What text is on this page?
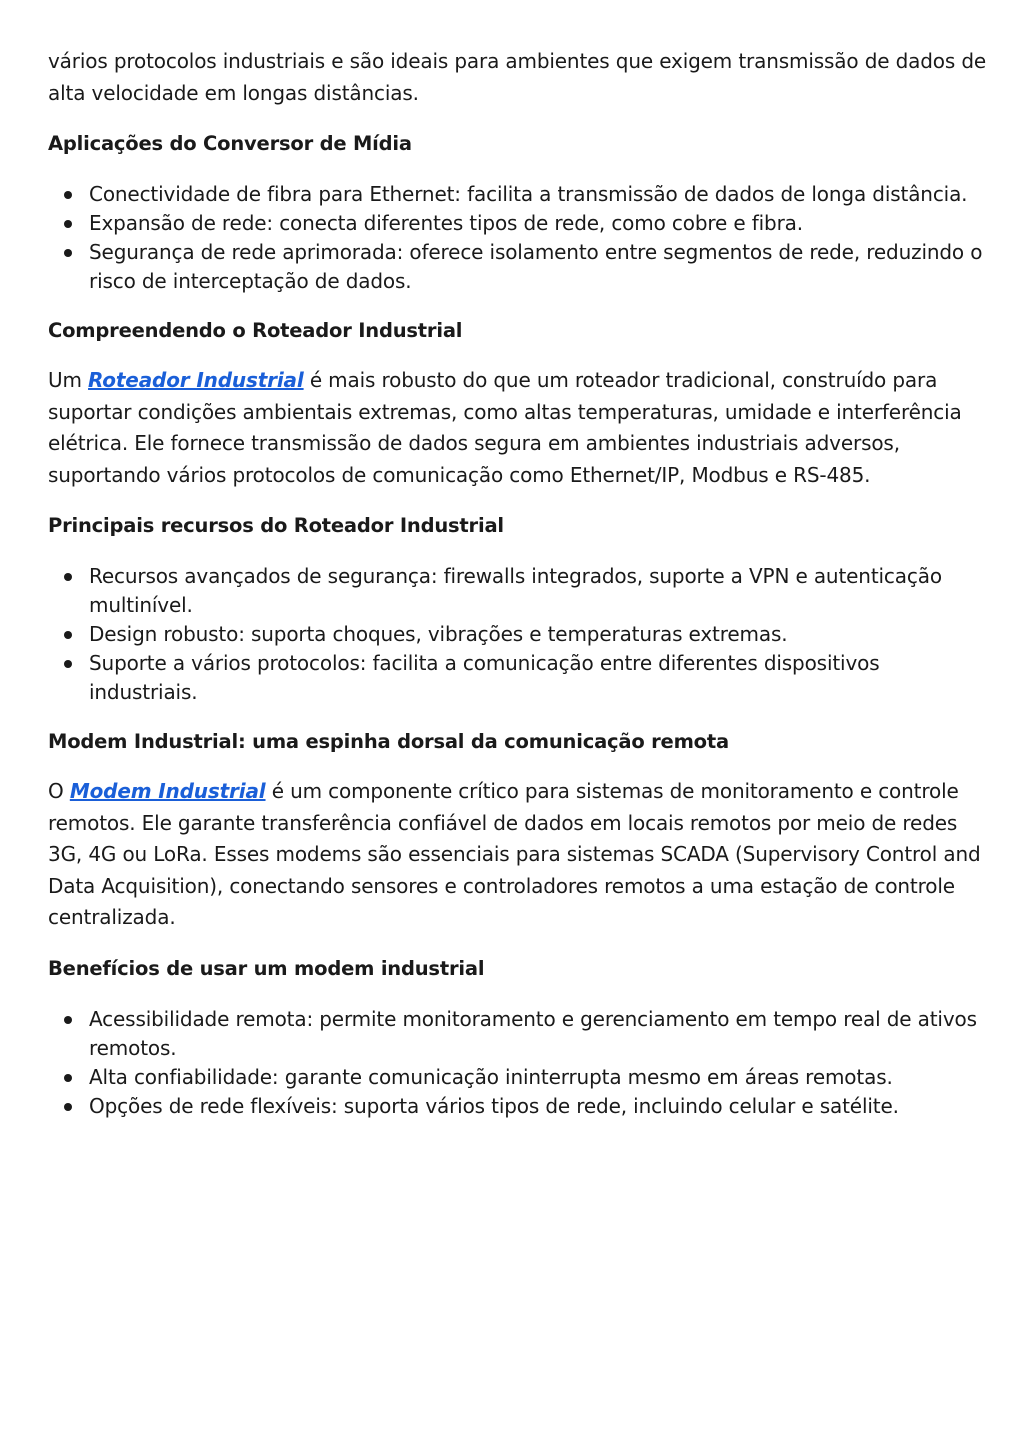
vários protocolos industriais e são ideais para ambientes que exigem transmissão de dados de alta velocidade em longas distâncias.

Aplicações do Conversor de Mídia
Conectividade de fibra para Ethernet: facilita a transmissão de dados de longa distância.
Expansão de rede: conecta diferentes tipos de rede, como cobre e fibra.
Segurança de rede aprimorada: oferece isolamento entre segmentos de rede, reduzindo o risco de interceptação de dados.
Compreendendo o Roteador Industrial

Um Roteador Industrial é mais robusto do que um roteador tradicional, construído para suportar condições ambientais extremas, como altas temperaturas, umidade e interferência elétrica. Ele fornece transmissão de dados segura em ambientes industriais adversos, suportando vários protocolos de comunicação como Ethernet/IP, Modbus e RS-485.

Principais recursos do Roteador Industrial
Recursos avançados de segurança: firewalls integrados, suporte a VPN e autenticação multinível.
Design robusto: suporta choques, vibrações e temperaturas extremas.
Suporte a vários protocolos: facilita a comunicação entre diferentes dispositivos industriais.
Modem Industrial: uma espinha dorsal da comunicação remota

O Modem Industrial é um componente crítico para sistemas de monitoramento e controle remotos. Ele garante transferência confiável de dados em locais remotos por meio de redes 3G, 4G ou LoRa. Esses modems são essenciais para sistemas SCADA (Supervisory Control and Data Acquisition), conectando sensores e controladores remotos a uma estação de controle centralizada.

Benefícios de usar um modem industrial
Acessibilidade remota: permite monitoramento e gerenciamento em tempo real de ativos remotos.
Alta confiabilidade: garante comunicação ininterrupta mesmo em áreas remotas.
Opções de rede flexíveis: suporta vários tipos de rede, incluindo celular e satélite.
